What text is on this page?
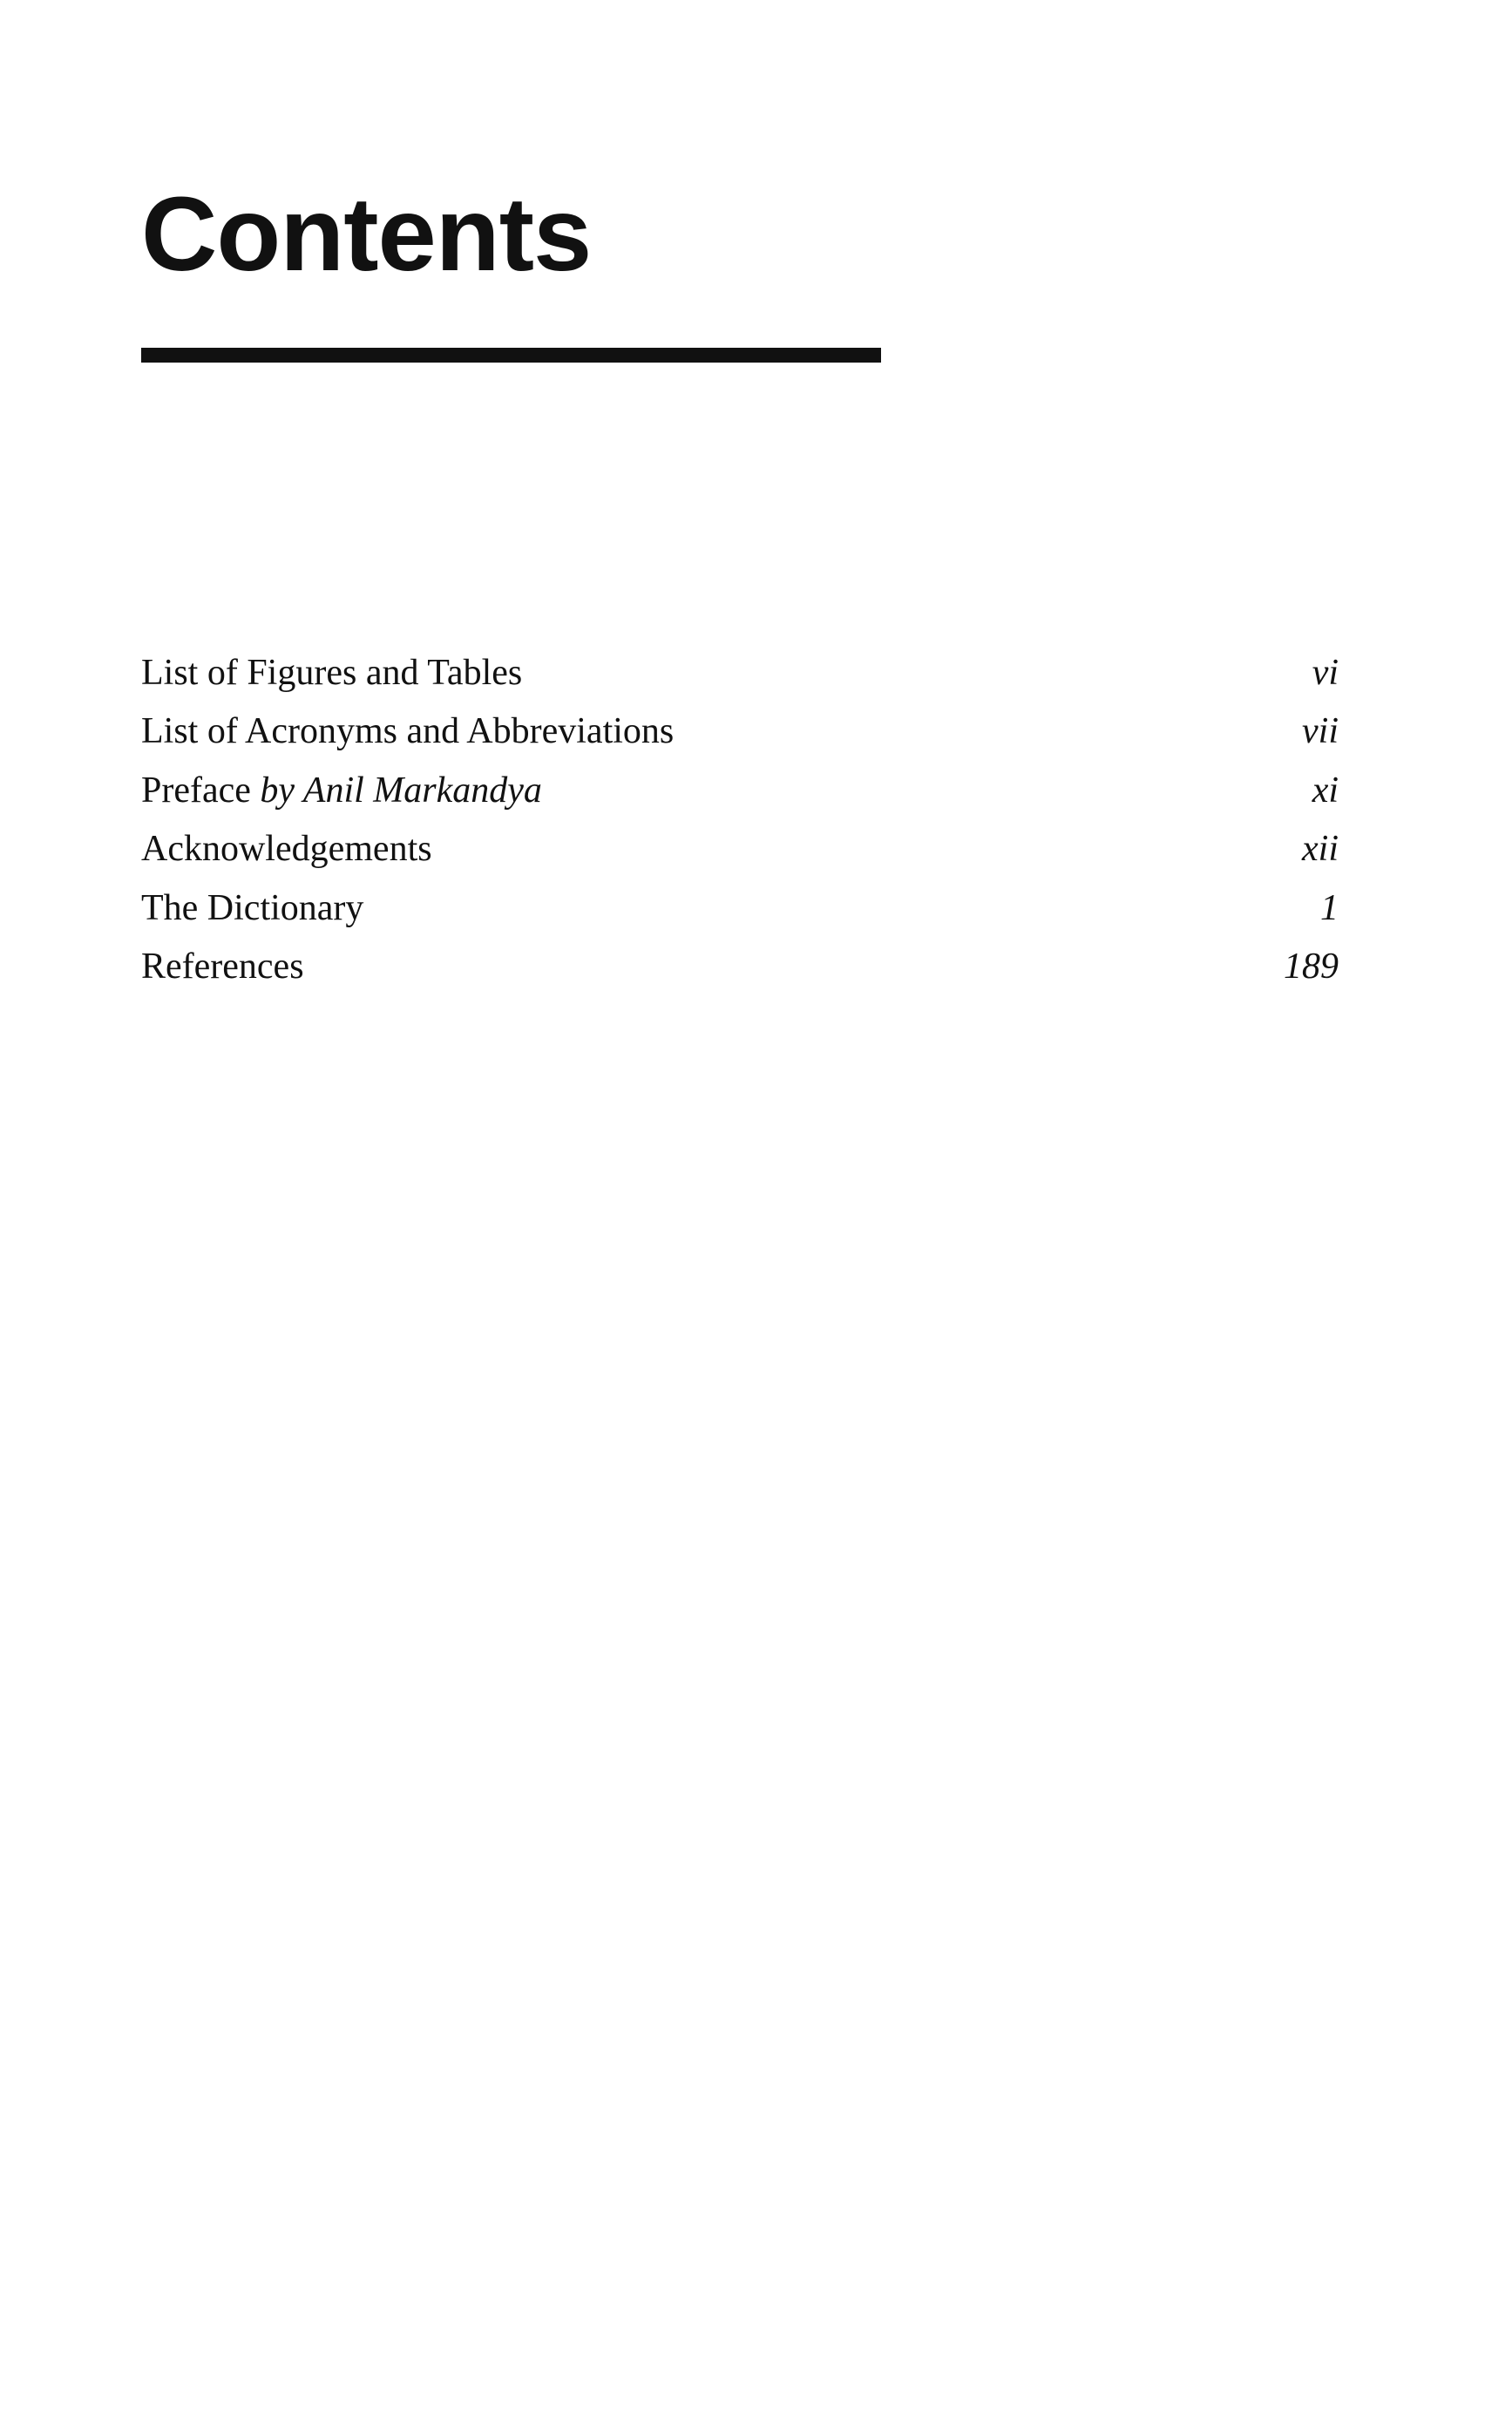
Contents
List of Figures and Tables	vi
List of Acronyms and Abbreviations	vii
Preface by Anil Markandya	xi
Acknowledgements	xii
The Dictionary	1
References	189
